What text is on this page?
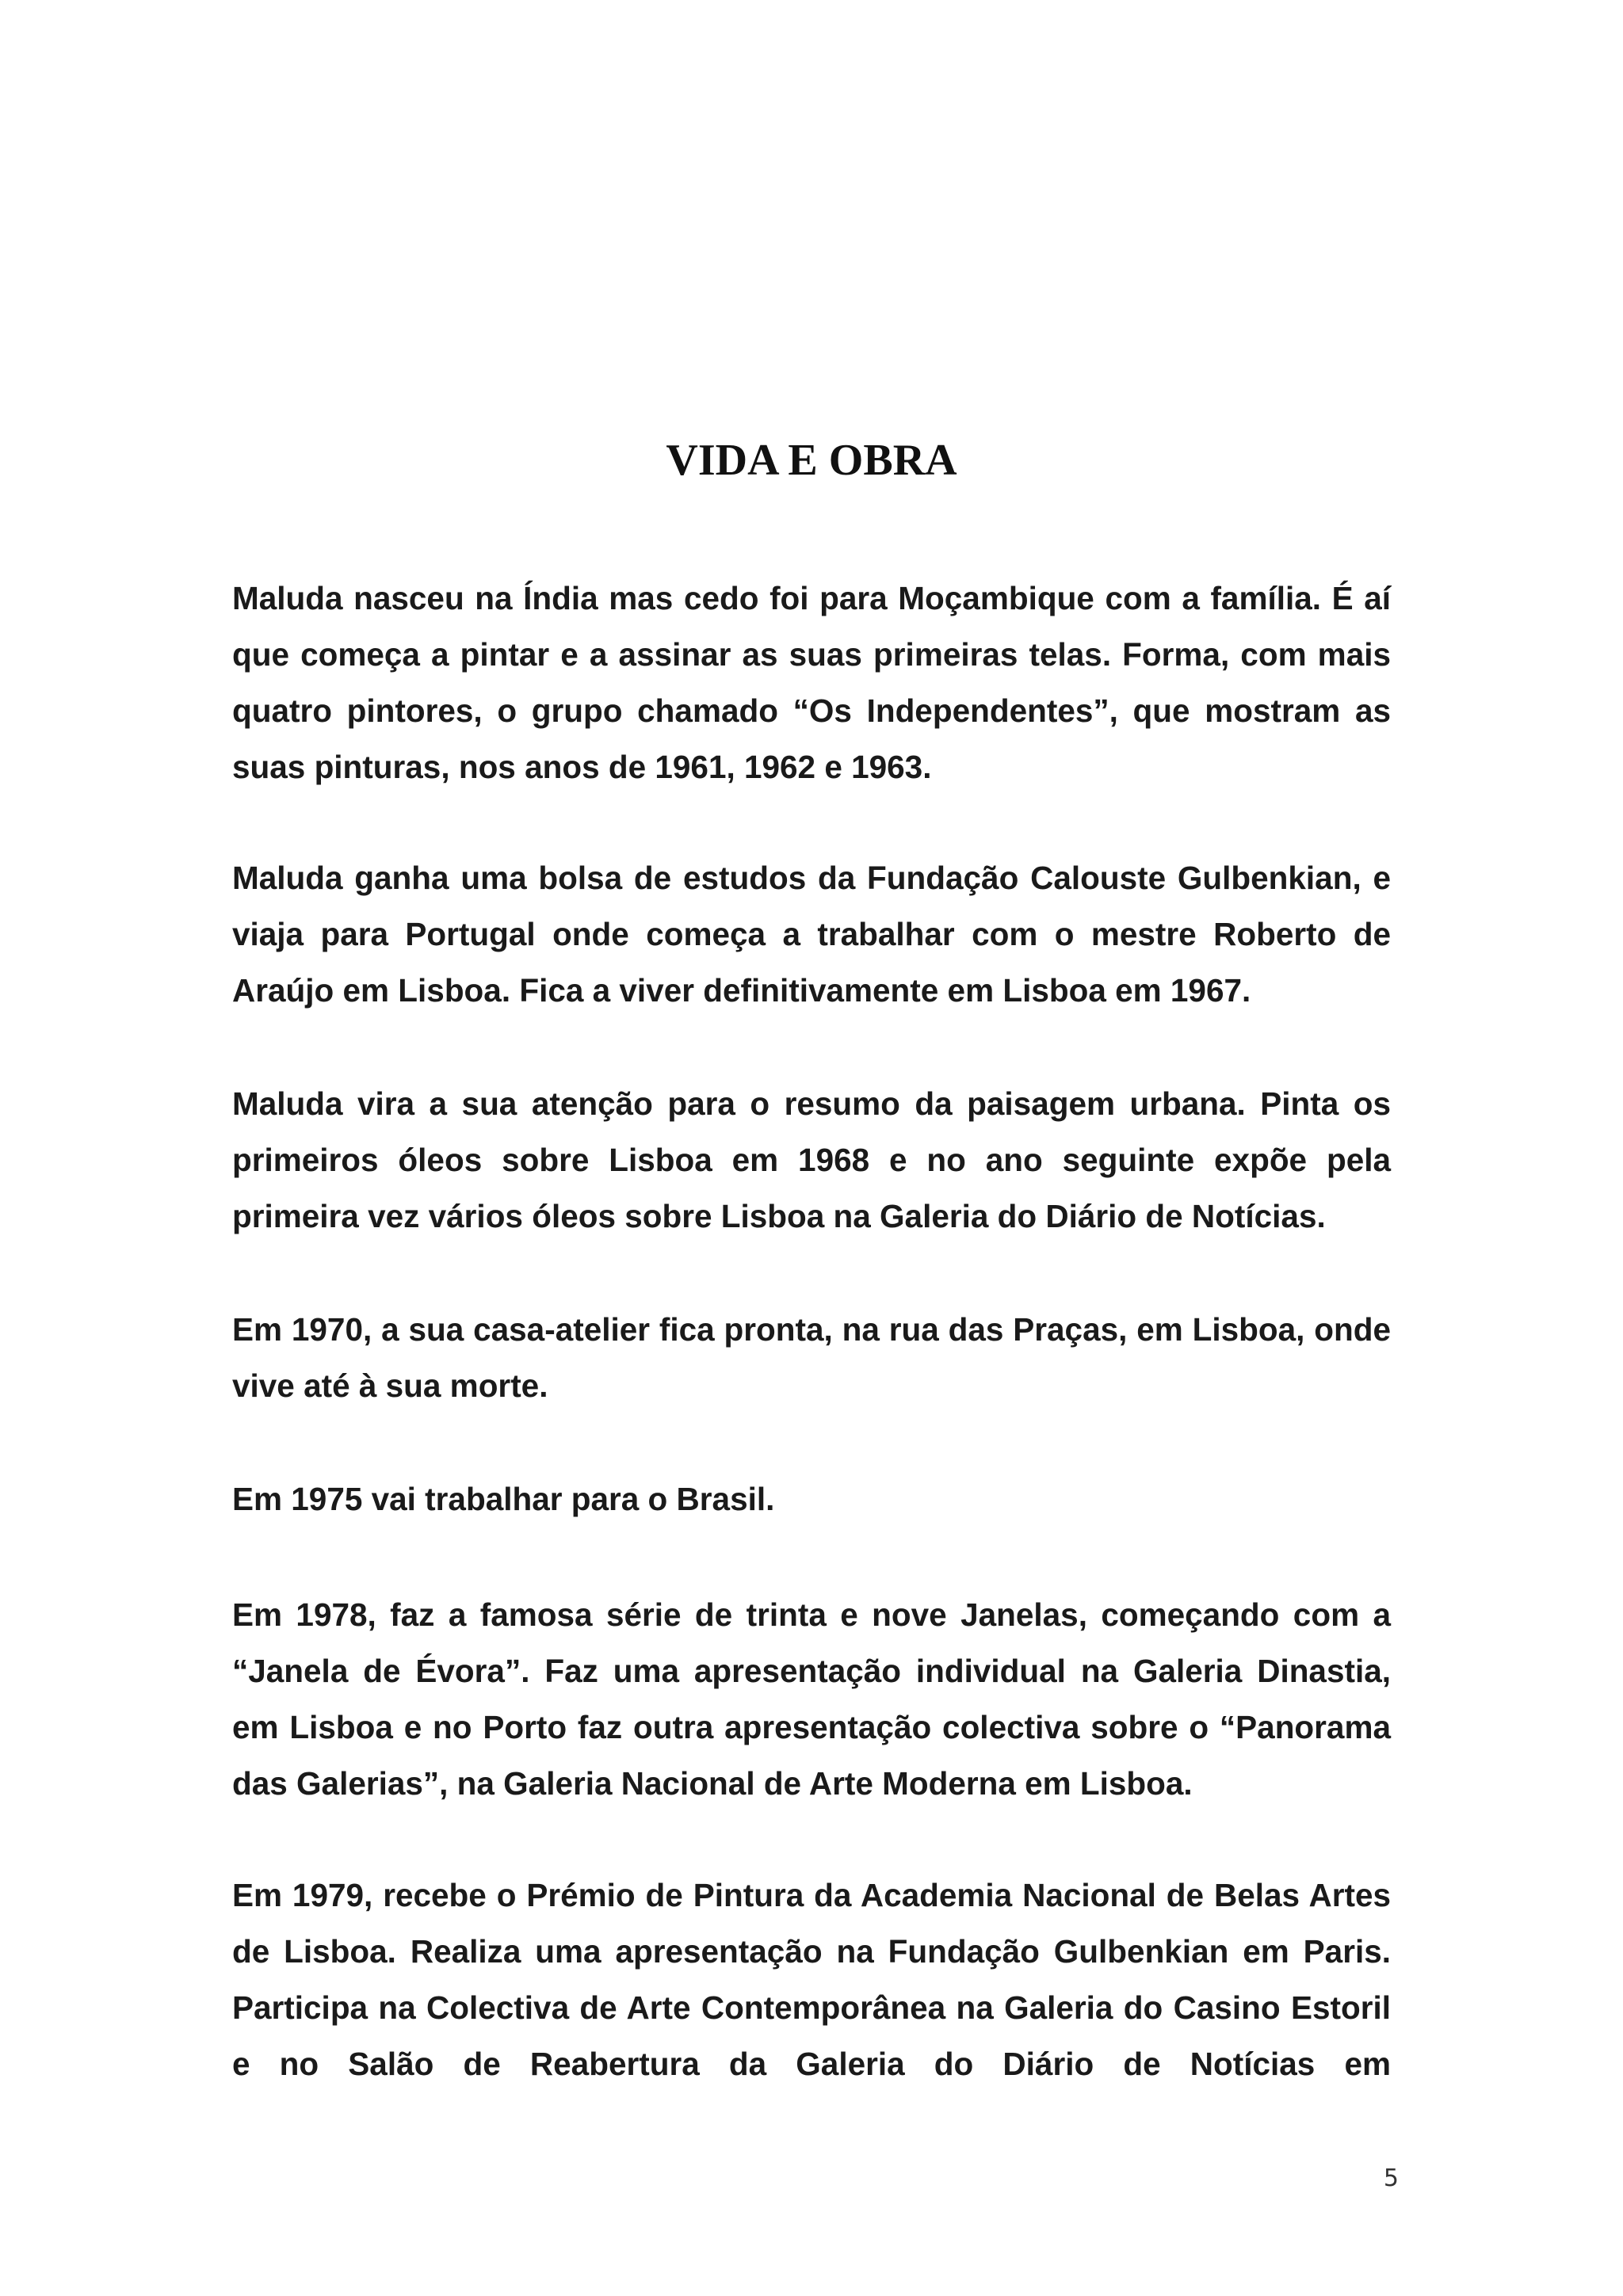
VIDA E OBRA

Maluda nasceu na Índia mas cedo foi para Moçambique com a família. É aí que começa a pintar e a assinar as suas primeiras telas. Forma, com mais quatro pintores, o grupo chamado “Os Independentes”, que mostram as suas pinturas, nos anos de 1961, 1962 e 1963.

Maluda ganha uma bolsa de estudos da Fundação Calouste Gulbenkian, e viaja para Portugal onde começa a trabalhar com o mestre Roberto de Araújo em Lisboa. Fica a viver definitivamente em Lisboa em 1967.

Maluda vira a sua atenção para o resumo da paisagem urbana. Pinta os primeiros óleos sobre Lisboa em 1968 e no ano seguinte expõe pela primeira vez vários óleos sobre Lisboa na Galeria do Diário de Notícias.

Em 1970, a sua casa-atelier fica pronta, na rua das Praças, em Lisboa, onde vive até à sua morte.

Em 1975 vai trabalhar para o Brasil.

Em 1978, faz a famosa série de trinta e nove Janelas, começando com a “Janela de Évora”. Faz uma apresentação individual na Galeria Dinastia, em Lisboa e no Porto faz outra apresentação colectiva sobre o “Panorama das Galerias”, na Galeria Nacional de Arte Moderna em Lisboa.

Em 1979, recebe o Prémio de Pintura da Academia Nacional de Belas Artes de Lisboa. Realiza uma apresentação na Fundação Gulbenkian em Paris. Participa na Colectiva de Arte Contemporânea na Galeria do Casino Estoril e no Salão de Reabertura da Galeria do Diário de Notícias em

5
